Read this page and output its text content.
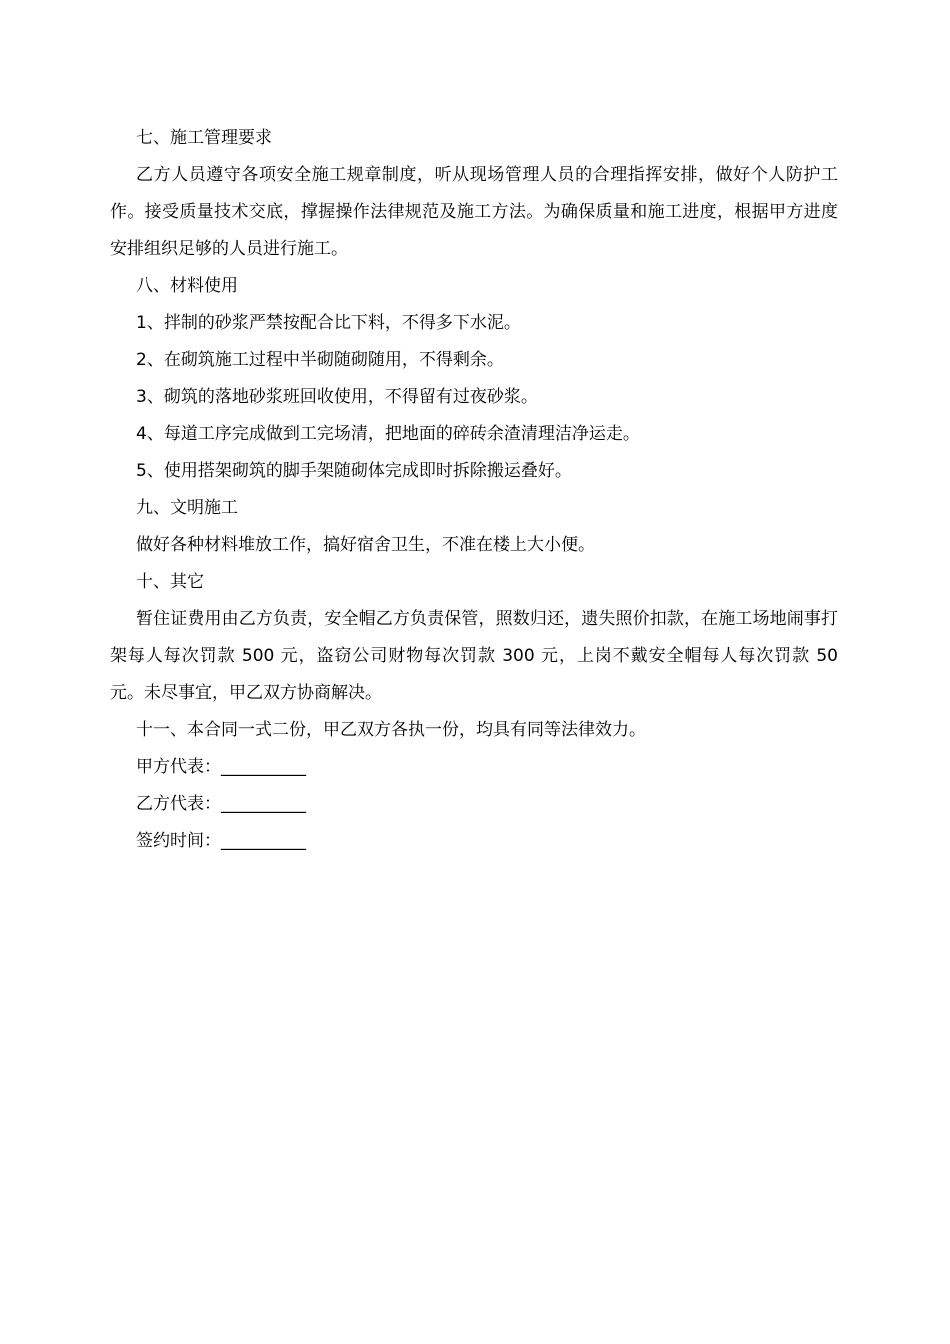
七、施工管理要求

乙方人员遵守各项安全施工规章制度，听从现场管理人员的合理指挥安排，做好个人防护工作。接受质量技术交底，撑握操作法律规范及施工方法。为确保质量和施工进度，根据甲方进度安排组织足够的人员进行施工。

八、材料使用

1、拌制的砂浆严禁按配合比下料，不得多下水泥。

2、在砌筑施工过程中半砌随砌随用，不得剩余。

3、砌筑的落地砂浆班回收使用，不得留有过夜砂浆。

4、每道工序完成做到工完场清，把地面的碎砖余渣清理洁净运走。

5、使用搭架砌筑的脚手架随砌体完成即时拆除搬运叠好。

九、文明施工

做好各种材料堆放工作，搞好宿舍卫生，不准在楼上大小便。

十、其它

暂住证费用由乙方负责，安全帽乙方负责保管，照数归还，遗失照价扣款，在施工场地闹事打架每人每次罚款 500 元，盗窃公司财物每次罚款 300 元，上岗不戴安全帽每人每次罚款 50 元。未尽事宜，甲乙双方协商解决。

十一、本合同一式二份，甲乙双方各执一份，均具有同等法律效力。

甲方代表：__________

乙方代表：__________

签约时间：__________
